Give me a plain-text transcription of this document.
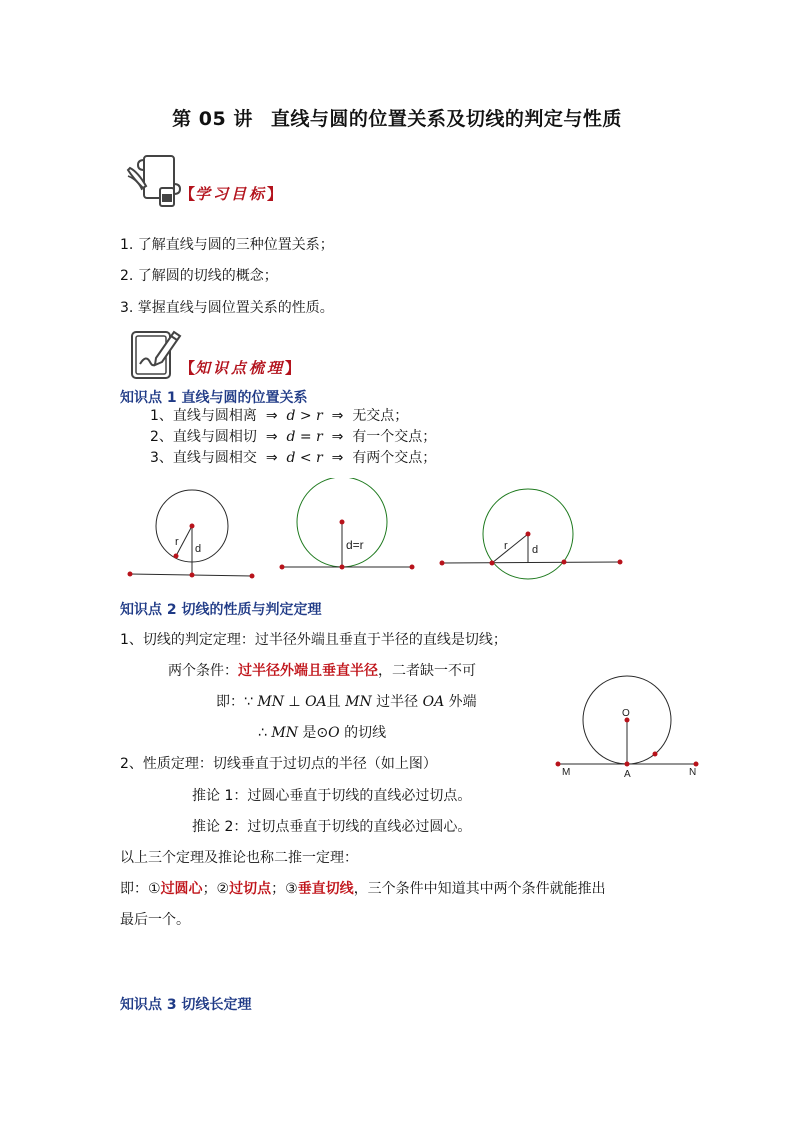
第 05 讲 直线与圆的位置关系及切线的判定与性质
【学习目标】
1. 了解直线与圆的三种位置关系；
2. 了解圆的切线的概念；
3. 掌握直线与圆位置关系的性质。
【知识点梳理】
知识点 1 直线与圆的位置关系
1、直线与圆相离 ⇒ d > r ⇒ 无交点；
2、直线与圆相切 ⇒ d = r ⇒ 有一个交点；
3、直线与圆相交 ⇒ d < r ⇒ 有两个交点；
r
d	d=r	r d
知识点 2 切线的性质与判定定理
1、切线的判定定理：过半径外端且垂直于半径的直线是切线；
两个条件：过半径外端且垂直半径，二者缺一不可
即：∵ MN ⊥ OA且 MN 过半径 OA 外端
∴ MN 是⊙O 的切线
O
M	A	N
2、性质定理：切线垂直于过切点的半径（如上图）
推论 1：过圆心垂直于切线的直线必过切点。
推论 2：过切点垂直于切线的直线必过圆心。
以上三个定理及推论也称二推一定理：
即：①过圆心；②过切点；③垂直切线，三个条件中知道其中两个条件就能推出
最后一个。
知识点 3 切线长定理
